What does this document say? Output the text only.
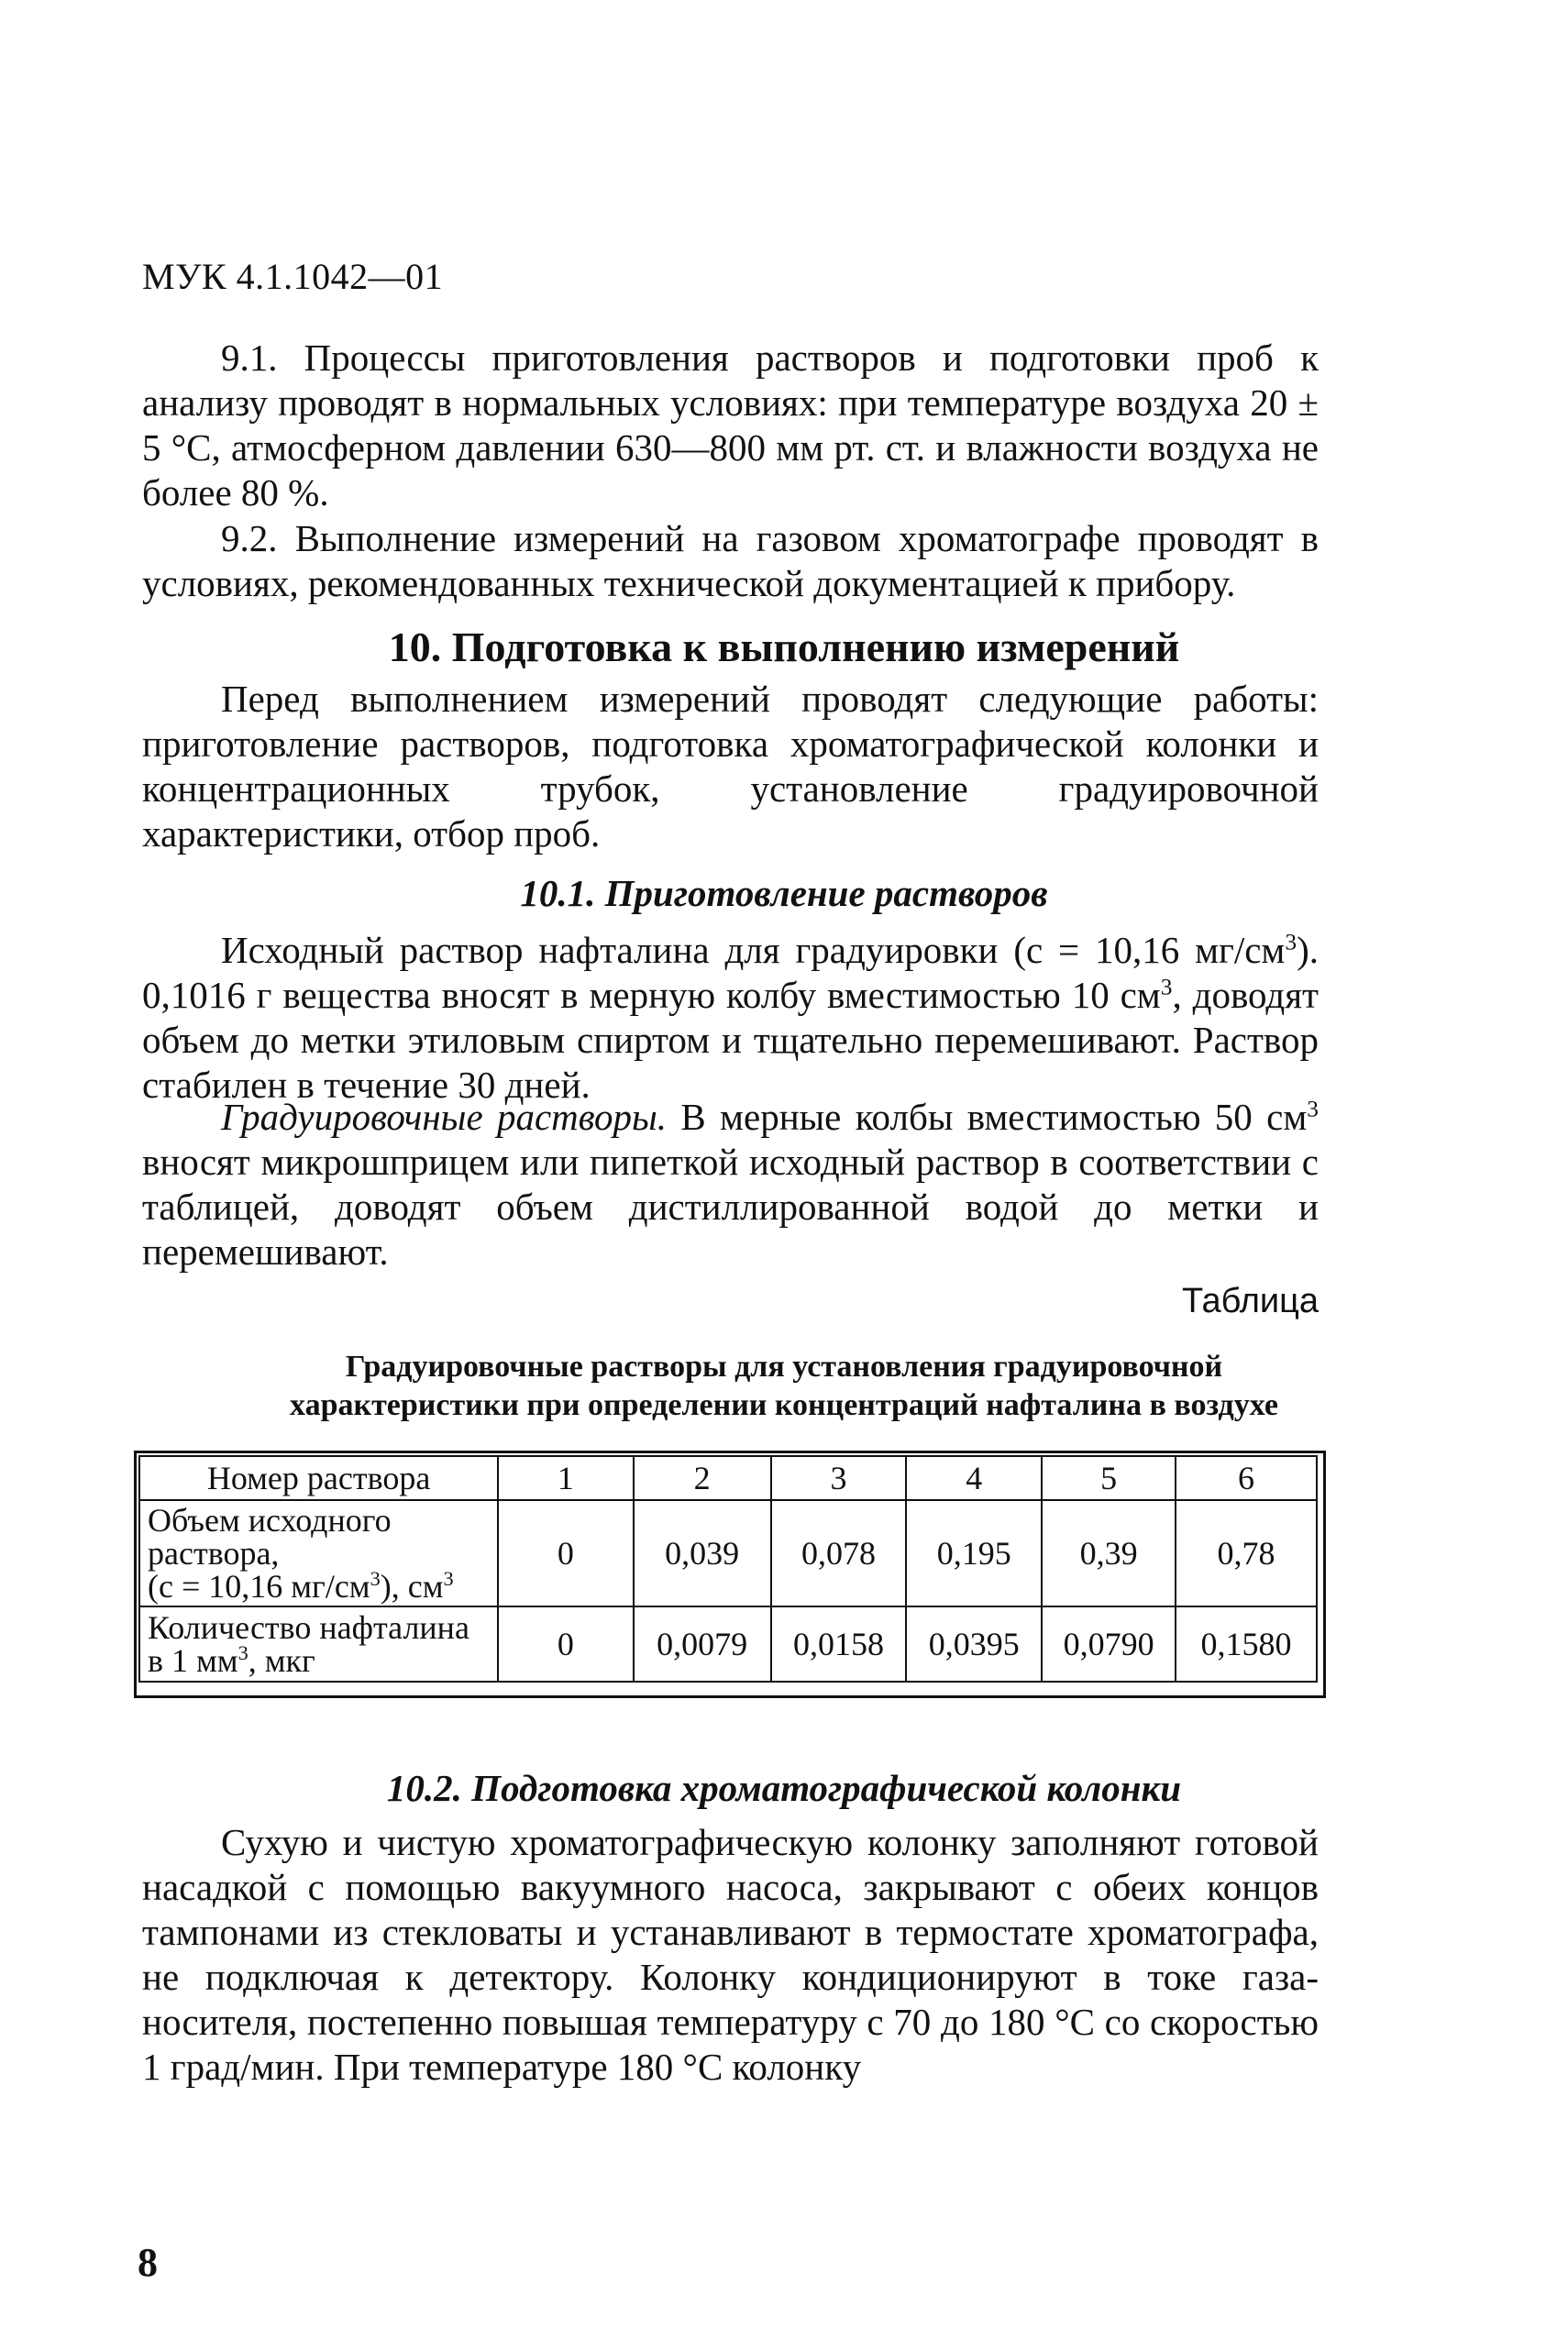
МУК 4.1.1042—01
9.1. Процессы приготовления растворов и подготовки проб к анализу проводят в нормальных условиях: при температуре воздуха 20 ± 5 °С, атмосферном давлении 630—800 мм рт. ст. и влажности воздуха не более 80 %.
9.2. Выполнение измерений на газовом хроматографе проводят в условиях, рекомендованных технической документацией к прибору.
10. Подготовка к выполнению измерений
Перед выполнением измерений проводят следующие работы: приготовление растворов, подготовка хроматографической колонки и концентрационных трубок, установление градуировочной характеристики, отбор проб.
10.1. Приготовление растворов
Исходный раствор нафталина для градуировки (с = 10,16 $мг/см^3$). 0,1016 г вещества вносят в мерную колбу вместимостью 10 $см^3$, доводят объем до метки этиловым спиртом и тщательно перемешивают. Раствор стабилен в течение 30 дней.
Градуировочные растворы. В мерные колбы вместимостью 50 $см^3$ вносят микрошприцем или пипеткой исходный раствор в соответствии с таблицей, доводят объем дистиллированной водой до метки и перемешивают.
Таблица
Градуировочные растворы для установления градуировочной
характеристики при определении концентраций нафталина в воздухе
Номер раствора	1	2	3	4	5	6
Объем исходного раствора,
(с = 10,16 $мг/см^3$), $см^3$	0	0,039	0,078	0,195	0,39	0,78
Количество нафталина в 1 $мм^3$, мкг	0	0,0079	0,0158	0,0395	0,0790	0,1580
10.2. Подготовка хроматографической колонки
Сухую и чистую хроматографическую колонку заполняют готовой насадкой с помощью вакуумного насоса, закрывают с обеих концов тампонами из стекловаты и устанавливают в термостате хроматографа, не подключая к детектору. Колонку кондиционируют в токе газа-носителя, постепенно повышая температуру с 70 до 180 °С со скоростью 1 град/мин. При температуре 180 °С колонку
8
